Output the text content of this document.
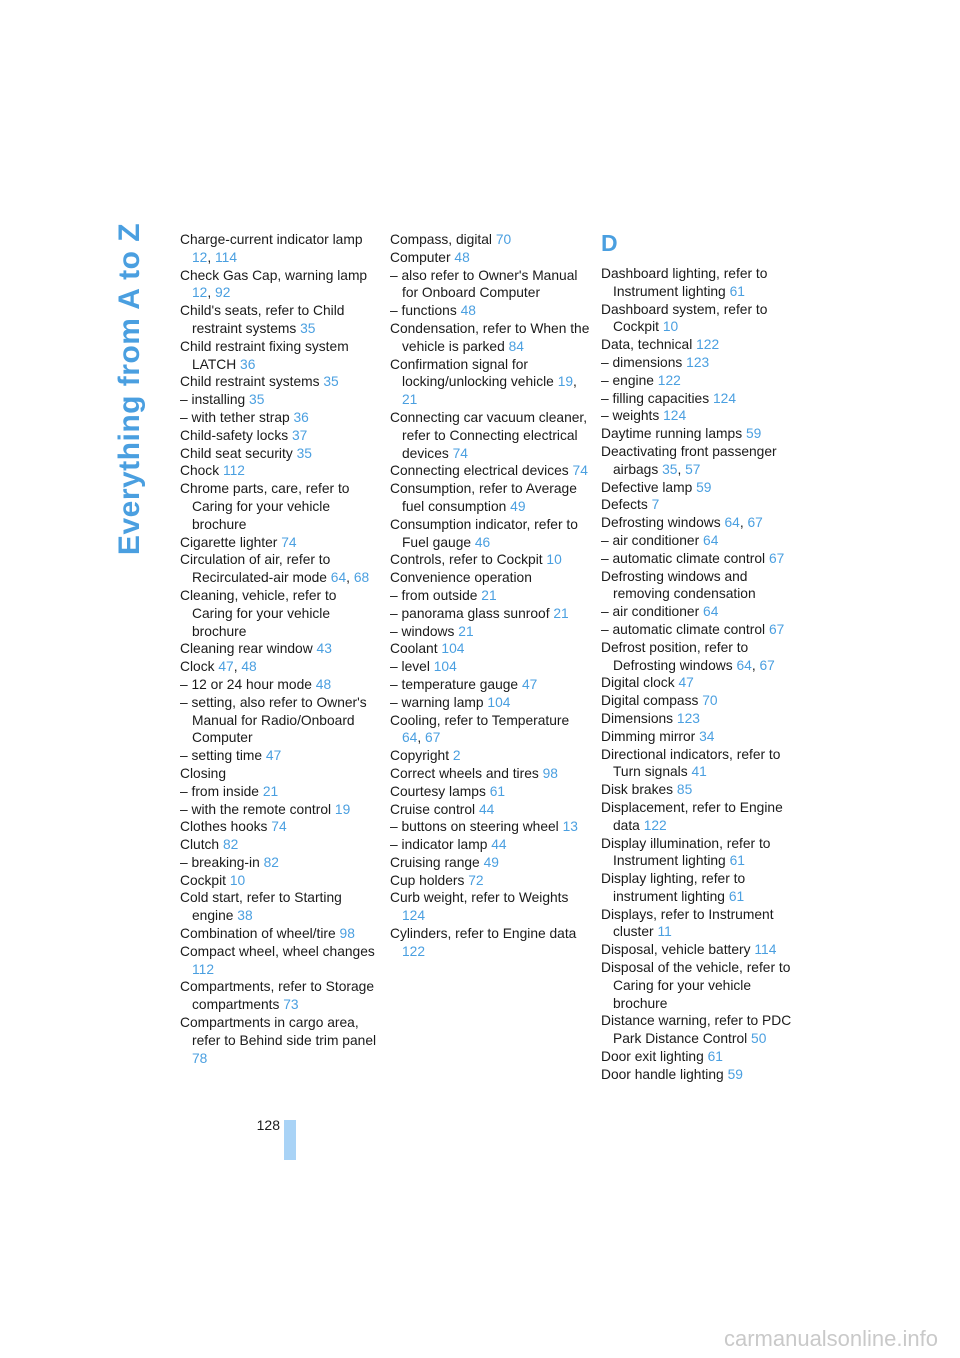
Everything from A to Z Charge-current indicator lamp 12, 114
Check Gas Cap, warning lamp 12, 92
Child's seats, refer to Child restraint systems 35
Child restraint fixing system LATCH 36
Child restraint systems 35
– installing 35
– with tether strap 36
Child-safety locks 37
Child seat security 35
Chock 112
Chrome parts, care, refer to Caring for your vehicle brochure
Cigarette lighter 74
Circulation of air, refer to Recirculated-air mode 64, 68
Cleaning, vehicle, refer to Caring for your vehicle brochure
Cleaning rear window 43
Clock 47, 48
– 12 or 24 hour mode 48
– setting, also refer to Owner's Manual for Radio/Onboard Computer
– setting time 47
Closing
– from inside 21
– with the remote control 19
Clothes hooks 74
Clutch 82
– breaking-in 82
Cockpit 10
Cold start, refer to Starting engine 38
Combination of wheel/tire 98
Compact wheel, wheel changes 112
Compartments, refer to Storage compartments 73
Compartments in cargo area, refer to Behind side trim panel 78
Compass, digital 70
Computer 48
– also refer to Owner's Manual for Onboard Computer
– functions 48
Condensation, refer to When the vehicle is parked 84
Confirmation signal for locking/unlocking vehicle 19, 21
Connecting car vacuum cleaner, refer to Connecting electrical devices 74
Connecting electrical devices 74
Consumption, refer to Average fuel consumption 49
Consumption indicator, refer to Fuel gauge 46
Controls, refer to Cockpit 10
Convenience operation
– from outside 21
– panorama glass sunroof 21
– windows 21
Coolant 104
– level 104
– temperature gauge 47
– warning lamp 104
Cooling, refer to Temperature 64, 67
Copyright 2
Correct wheels and tires 98
Courtesy lamps 61
Cruise control 44
– buttons on steering wheel 13
– indicator lamp 44
Cruising range 49
Cup holders 72
Curb weight, refer to Weights 124
Cylinders, refer to Engine data 122
D
Dashboard lighting, refer to Instrument lighting 61
Dashboard system, refer to Cockpit 10
Data, technical 122
– dimensions 123
– engine 122
– filling capacities 124
– weights 124
Daytime running lamps 59
Deactivating front passenger airbags 35, 57
Defective lamp 59
Defects 7
Defrosting windows 64, 67
– air conditioner 64
– automatic climate control 67
Defrosting windows and removing condensation
– air conditioner 64
– automatic climate control 67
Defrost position, refer to Defrosting windows 64, 67
Digital clock 47
Digital compass 70
Dimensions 123
Dimming mirror 34
Directional indicators, refer to Turn signals 41
Disk brakes 85
Displacement, refer to Engine data 122
Display illumination, refer to Instrument lighting 61
Display lighting, refer to instrument lighting 61
Displays, refer to Instrument cluster 11
Disposal, vehicle battery 114
Disposal of the vehicle, refer to Caring for your vehicle brochure
Distance warning, refer to PDC Park Distance Control 50
Door exit lighting 61
Door handle lighting 59
128
carmanualsonline.info
